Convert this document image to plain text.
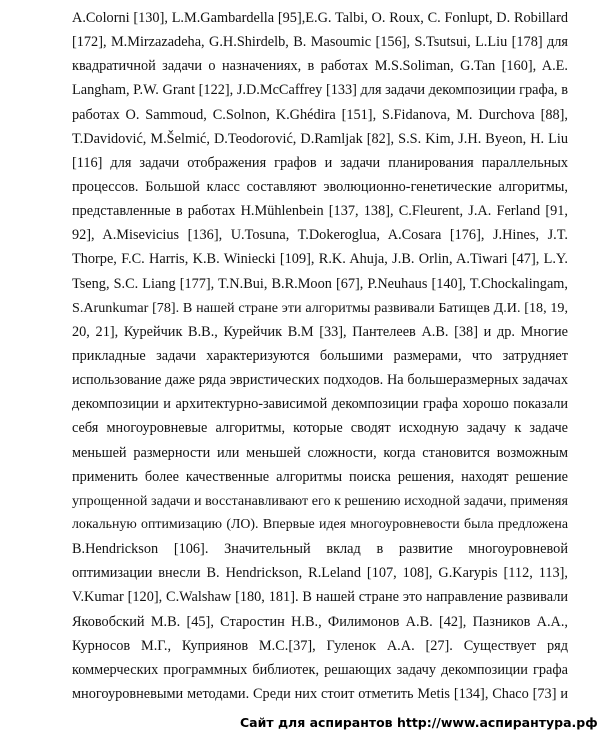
A.Colorni [130], L.M.Gambardella [95],E.G. Talbi, O. Roux, C. Fonlupt, D. Robillard
[172], M.Mirzazadeha, G.H.Shirdelb, B. Masoumic [156], S.Tsutsui, L.Liu [178] для
квадратичной задачи о назначениях, в работах M.S.Soliman, G.Tan [160], A.E.
Langham, P.W. Grant [122], J.D.McCaffrey [133] для задачи декомпозиции графа, в
работах O. Sammoud, C.Solnon, K.Ghédira [151], S.Fidanova, M. Durchova [88],
T.Davidović, M.Šelmić, D.Teodorović, D.Ramljak [82], S.S. Kim, J.H. Byeon, H. Liu
[116] для задачи отображения графов и задачи планирования параллельных
процессов. Большой класс составляют эволюционно-генетические алгоритмы,
представленные в работах H.Mühlenbein [137, 138], C.Fleurent, J.A. Ferland [91,
92], A.Misevicius [136], U.Tosuna, T.Dokeroglua, A.Cosara [176], J.Hines, J.T.
Thorpe, F.C. Harris, K.B. Winiecki [109], R.K. Ahuja, J.B. Orlin, A.Tiwari [47], L.Y.
Tseng, S.C. Liang [177], T.N.Bui, B.R.Moon [67], P.Neuhaus [140], T.Chockalingam,
S.Arunkumar [78]. В нашей стране эти алгоритмы развивали Батищев Д.И. [18, 19,
20, 21], Курейчик В.В., Курейчик В.М [33], Пантелеев А.В. [38] и др. Многие
прикладные задачи характеризуются большими размерами, что затрудняет
использование даже ряда эвристических подходов. На большеразмерных задачах
декомпозиции и архитектурно-зависимой декомпозиции графа хорошо показали
себя многоуровневые алгоритмы, которые сводят исходную задачу к задаче
меньшей размерности или меньшей сложности, когда становится возможным
применить более качественные алгоритмы поиска решения, находят решение
упрощенной задачи и восстанавливают его к решению исходной задачи, применяя
локальную оптимизацию (ЛО). Впервые идея многоуровневости была предложена
B.Hendrickson [106]. Значительный вклад в развитие многоуровневой
оптимизации внесли B. Hendrickson, R.Leland [107, 108], G.Karypis [112, 113],
V.Kumar [120], C.Walshaw [180, 181]. В нашей стране это направление развивали
Яковобский М.В. [45], Старостин Н.В., Филимонов А.В. [42], Пазников А.А.,
Курносов М.Г., Куприянов М.С.[37], Гуленок А.А. [27]. Существует ряд
коммерческих программных библиотек, решающих задачу декомпозиции графа
многоуровневыми методами. Среди них стоит отметить Metis [134], Chaco [73] и
Сайт для аспирантов http://www.аспирантура.рф
